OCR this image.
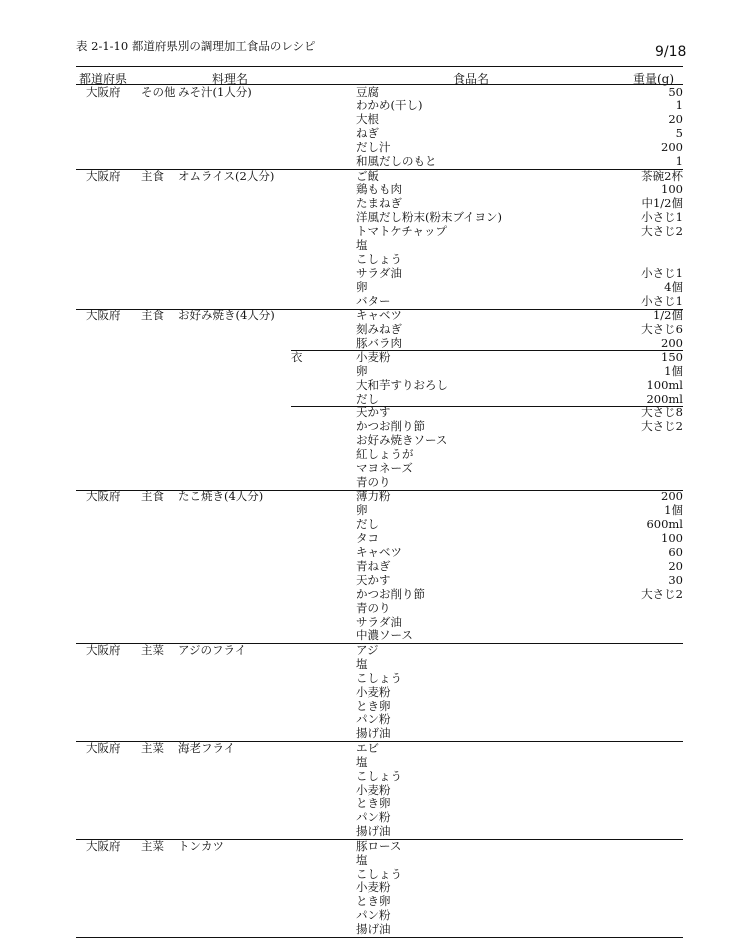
表 2-1-10 都道府県別の調理加工食品のレシピ	9/18
都道府県	料理名	食品名	重量(g)
大阪府 その他 みそ汁(1人分)	豆腐	50
わかめ(干し)	1
大根	20
ねぎ	5
だし汁	200
和風だしのもと	1
大阪府 主食 オムライス(2人分)	ご飯	茶碗2杯
鶏もも肉	100
たまねぎ	中1/2個
洋風だし粉末(粉末ブイヨン)	小さじ1
トマトケチャップ	大さじ2
塩
こしょう
サラダ油	小さじ1
卵	4個
バター	小さじ1
大阪府 主食 お好み焼き(4人分)	キャベツ	1/2個
刻みねぎ	大さじ6
豚バラ肉	200
衣	小麦粉	150
卵	1個
大和芋すりおろし	100ml
だし	200ml
天かす	大さじ8
かつお削り節	大さじ2
お好み焼きソース
紅しょうが
マヨネーズ
青のり
大阪府 主食 たこ焼き(4人分)	薄力粉	200
卵	1個
だし	600ml
タコ	100
キャベツ	60
青ねぎ	20
天かす	30
かつお削り節	大さじ2
青のり
サラダ油
中濃ソース
大阪府 主菜 アジのフライ	アジ
塩
こしょう
小麦粉
とき卵
パン粉
揚げ油
大阪府 主菜 海老フライ	エビ
塩
こしょう
小麦粉
とき卵
パン粉
揚げ油
大阪府 主菜 トンカツ	豚ロース
塩
こしょう
小麦粉
とき卵
パン粉
揚げ油
